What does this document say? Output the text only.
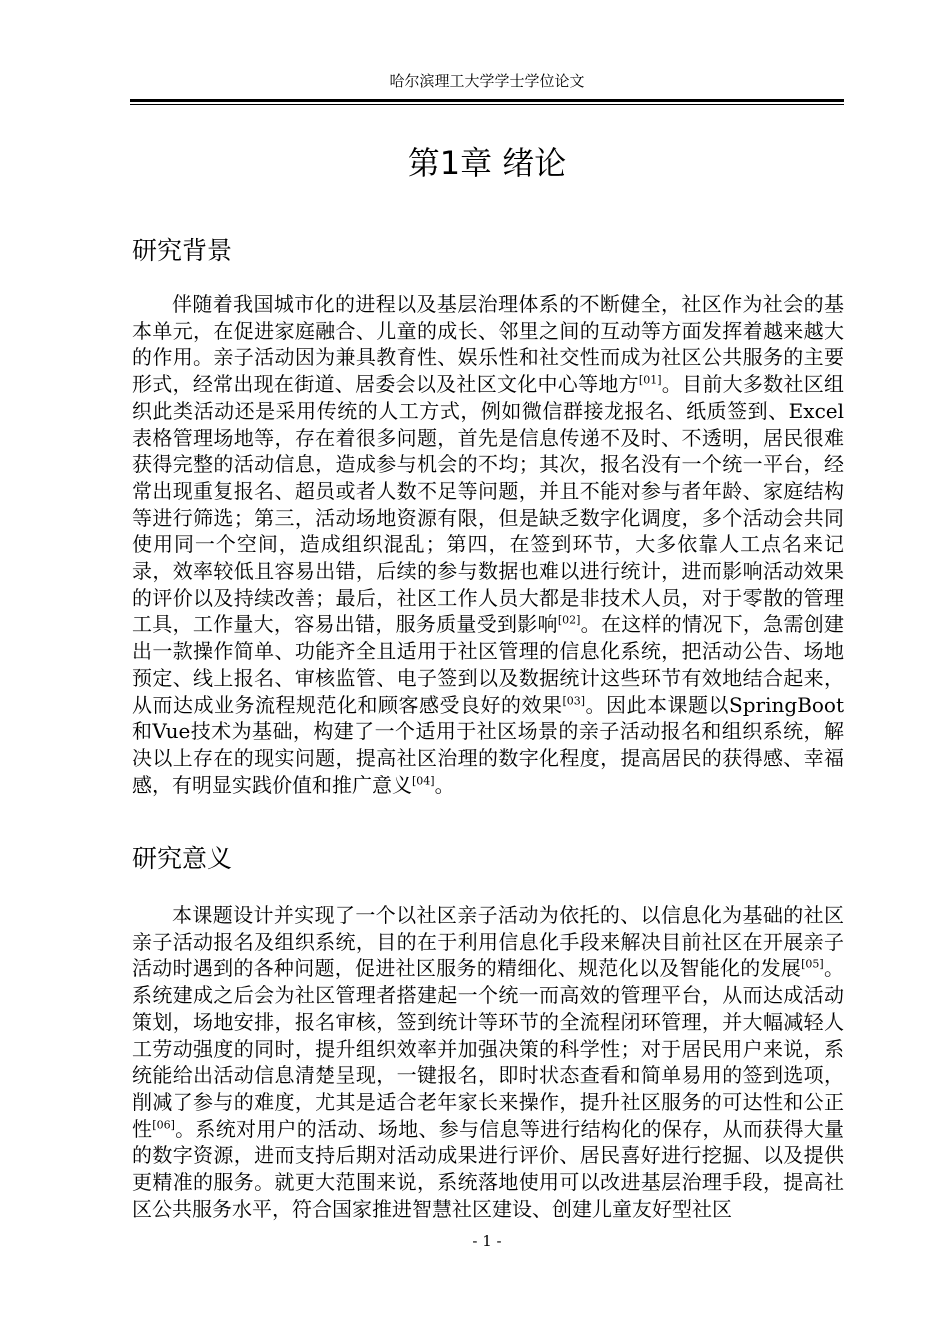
哈尔滨理工大学学士学位论文
第1章 绪论
研究背景
伴随着我国城市化的进程以及基层治理体系的不断健全，社区作为社会的基本单元，在促进家庭融合、儿童的成长、邻里之间的互动等方面发挥着越来越大的作用。亲子活动因为兼具教育性、娱乐性和社交性而成为社区公共服务的主要形式，经常出现在街道、居委会以及社区文化中心等地方[01]。目前大多数社区组织此类活动还是采用传统的人工方式，例如微信群接龙报名、纸质签到、Excel表格管理场地等，存在着很多问题，首先是信息传递不及时、不透明，居民很难获得完整的活动信息，造成参与机会的不均；其次，报名没有一个统一平台，经常出现重复报名、超员或者人数不足等问题，并且不能对参与者年龄、家庭结构等进行筛选；第三，活动场地资源有限，但是缺乏数字化调度，多个活动会共同使用同一个空间，造成组织混乱；第四，在签到环节，大多依靠人工点名来记录，效率较低且容易出错，后续的参与数据也难以进行统计，进而影响活动效果的评价以及持续改善；最后，社区工作人员大都是非技术人员，对于零散的管理工具，工作量大，容易出错，服务质量受到影响[02]。在这样的情况下，急需创建出一款操作简单、功能齐全且适用于社区管理的信息化系统，把活动公告、场地预定、线上报名、审核监管、电子签到以及数据统计这些环节有效地结合起来，从而达成业务流程规范化和顾客感受良好的效果[03]。因此本课题以SpringBoot和Vue技术为基础，构建了一个适用于社区场景的亲子活动报名和组织系统，解决以上存在的现实问题，提高社区治理的数字化程度，提高居民的获得感、幸福感，有明显实践价值和推广意义[04]。
研究意义
本课题设计并实现了一个以社区亲子活动为依托的、以信息化为基础的社区亲子活动报名及组织系统，目的在于利用信息化手段来解决目前社区在开展亲子活动时遇到的各种问题，促进社区服务的精细化、规范化以及智能化的发展[05]。系统建成之后会为社区管理者搭建起一个统一而高效的管理平台，从而达成活动策划，场地安排，报名审核，签到统计等环节的全流程闭环管理，并大幅减轻人工劳动强度的同时，提升组织效率并加强决策的科学性；对于居民用户来说，系统能给出活动信息清楚呈现，一键报名，即时状态查看和简单易用的签到选项，削减了参与的难度，尤其是适合老年家长来操作，提升社区服务的可达性和公正性[06]。系统对用户的活动、场地、参与信息等进行结构化的保存，从而获得大量的数字资源，进而支持后期对活动成果进行评价、居民喜好进行挖掘、以及提供更精准的服务。就更大范围来说，系统落地使用可以改进基层治理手段，提高社区公共服务水平，符合国家推进智慧社区建设、创建儿童友好型社区
- 1 -
